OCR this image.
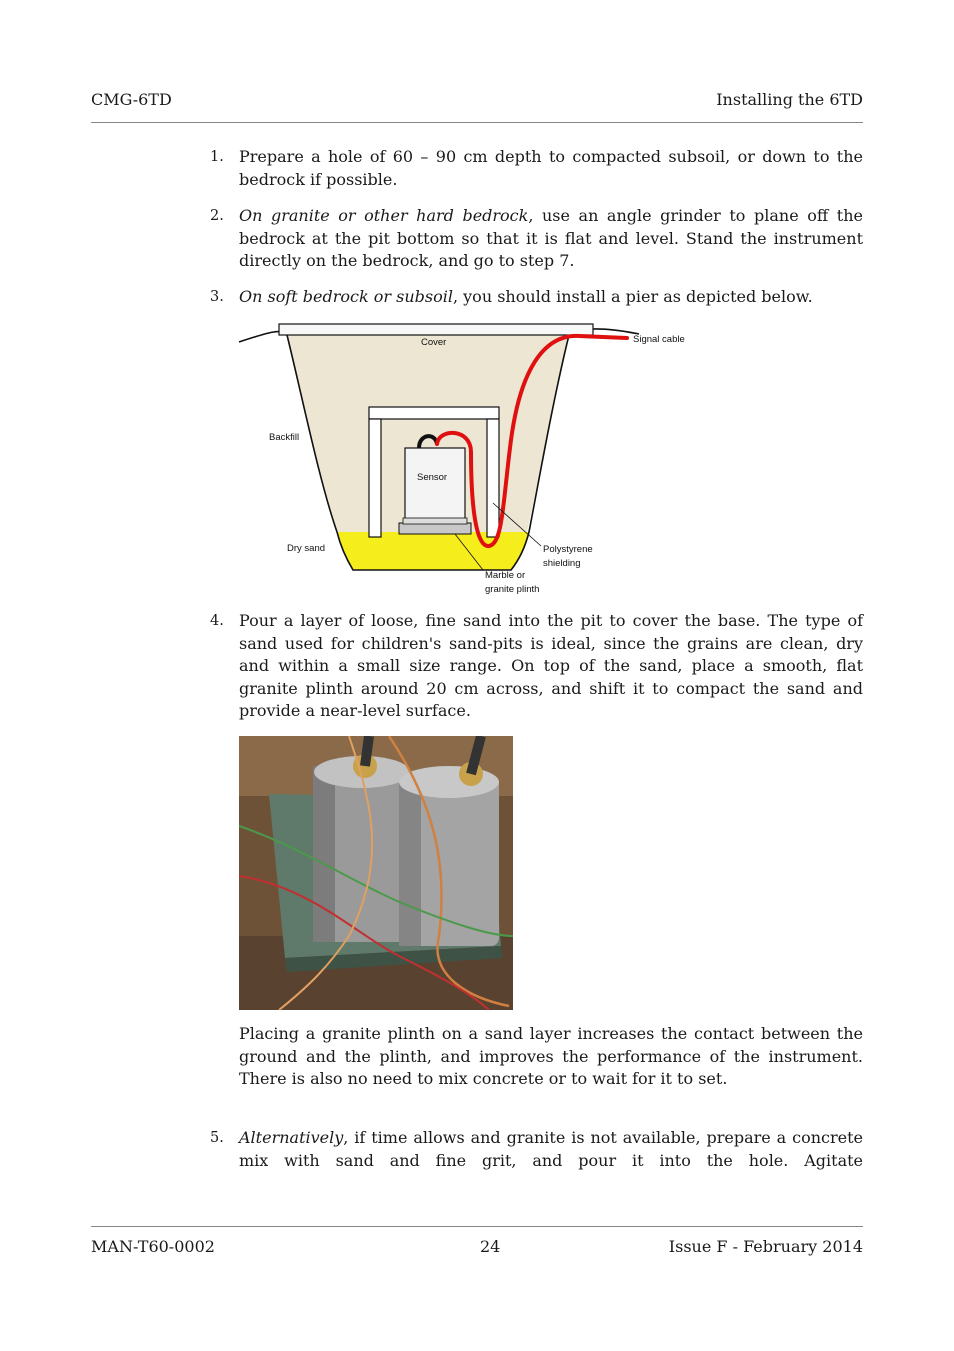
CMG-6TD	Installing the 6TD
1. Prepare a hole of 60 – 90 cm depth to compacted subsoil, or down to the bedrock if possible.
2. On granite or other hard bedrock, use an angle grinder to plane off the bedrock at the pit bottom so that it is flat and level. Stand the instrument directly on the bedrock, and go to step 7.
3. On soft bedrock or subsoil, you should install a pier as depicted below.
Cover
Sensor
Signal cable
Backfill
Dry sand	Polystyrene
shielding
Marble or
granite plinth
4. Pour a layer of loose, fine sand into the pit to cover the base. The type of sand used for children's sand-pits is ideal, since the grains are clean, dry and within a small size range. On top of the sand, place a smooth, flat granite plinth around 20 cm across, and shift it to compact the sand and provide a near-level surface.
Placing a granite plinth on a sand layer increases the contact between the ground and the plinth, and improves the performance of the instrument. There is also no need to mix concrete or to wait for it to set.
5. Alternatively, if time allows and granite is not available, prepare a concrete mix with sand and fine grit, and pour it into the hole. Agitate
MAN-T60-0002	24	Issue F - February 2014
